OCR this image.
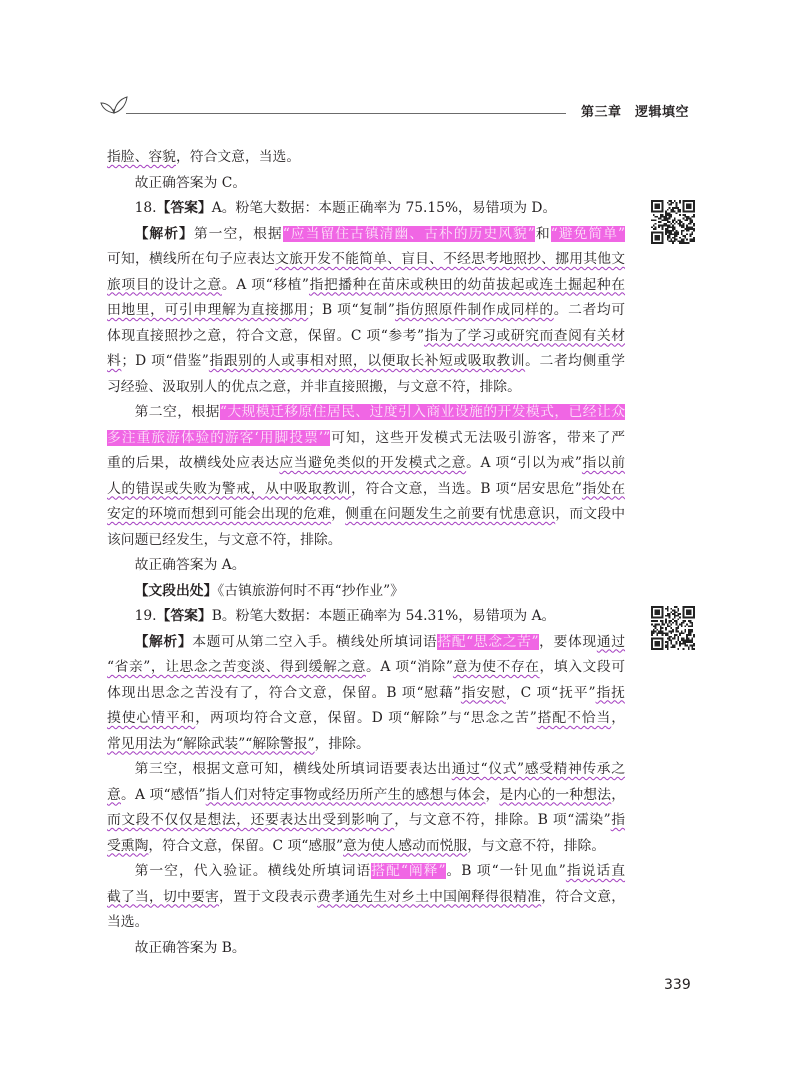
第三章 逻辑填空
指脸、容貌，符合文意，当选。
故正确答案为 C。
18.【答案】A。粉笔大数据：本题正确率为 75.15%，易错项为 D。
【解析】第一空，根据“应当留住古镇清幽、古朴的历史风貌”和“避免简单”
可知，横线所在句子应表达文旅开发不能简单、盲目、不经思考地照抄、挪用其他文
旅项目的设计之意。A 项“移植”指把播种在苗床或秧田的幼苗拔起或连土掘起种在
田地里，可引申理解为直接挪用；B 项“复制”指仿照原件制作成同样的。二者均可
体现直接照抄之意，符合文意，保留。C 项“参考”指为了学习或研究而查阅有关材
料；D 项“借鉴”指跟别的人或事相对照，以便取长补短或吸取教训。二者均侧重学
习经验、汲取别人的优点之意，并非直接照搬，与文意不符，排除。
第二空，根据“大规模迁移原住居民、过度引入商业设施的开发模式，已经让众
多注重旅游体验的游客‘用脚投票’”可知，这些开发模式无法吸引游客，带来了严
重的后果，故横线处应表达应当避免类似的开发模式之意。A 项“引以为戒”指以前
人的错误或失败为警戒，从中吸取教训，符合文意，当选。B 项“居安思危”指处在
安定的环境而想到可能会出现的危难，侧重在问题发生之前要有忧患意识，而文段中
该问题已经发生，与文意不符，排除。
故正确答案为 A。
【文段出处】《古镇旅游何时不再“抄作业”》
19.【答案】B。粉笔大数据：本题正确率为 54.31%，易错项为 A。
【解析】本题可从第二空入手。横线处所填词语搭配“思念之苦”，要体现通过
“省亲”，让思念之苦变淡、得到缓解之意。A 项“消除”意为使不存在，填入文段可
体现出思念之苦没有了，符合文意，保留。B 项“慰藉”指安慰，C 项“抚平”指抚
摸使心情平和，两项均符合文意，保留。D 项“解除”与“思念之苦”搭配不恰当，
常见用法为“解除武装”“解除警报”，排除。
第三空，根据文意可知，横线处所填词语要表达出通过“仪式”感受精神传承之
意。A 项“感悟”指人们对特定事物或经历所产生的感想与体会，是内心的一种想法，
而文段不仅仅是想法，还要表达出受到影响了，与文意不符，排除。B 项“濡染”指
受熏陶，符合文意，保留。C 项“感服”意为使人感动而悦服，与文意不符，排除。
第一空，代入验证。横线处所填词语搭配“阐释”。B 项“一针见血”指说话直
截了当，切中要害，置于文段表示费孝通先生对乡土中国阐释得很精准，符合文意，
当选。
故正确答案为 B。
339
